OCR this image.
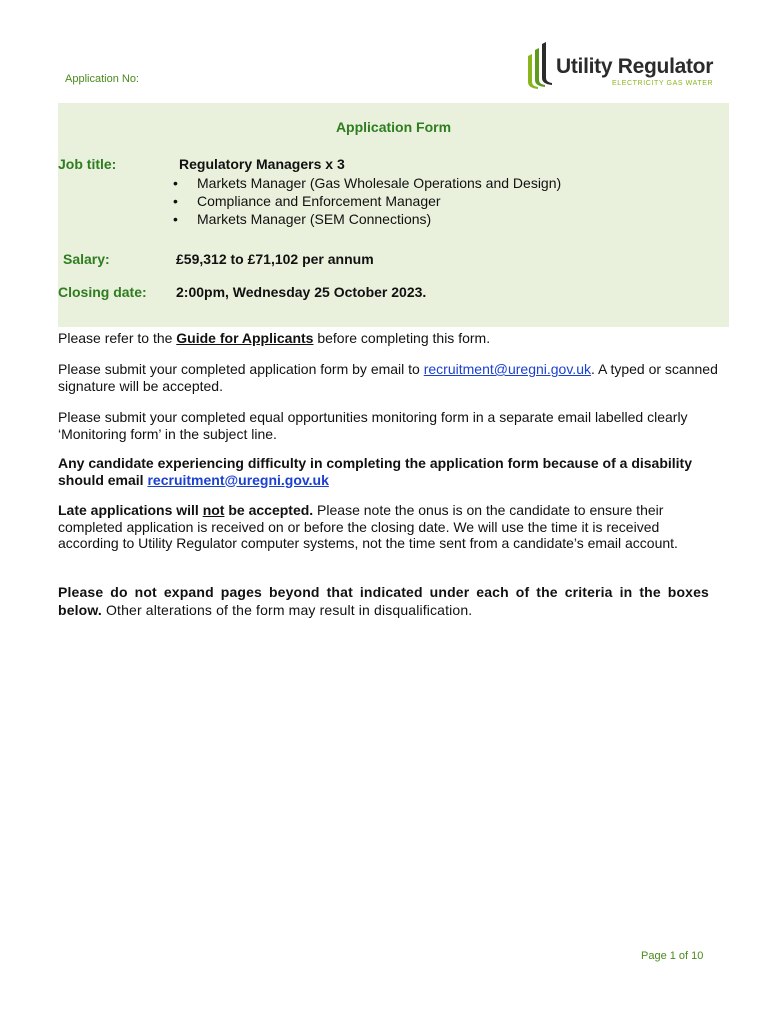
Application No:
Utility Regulator
ELECTRICITY GAS WATER
Application Form
Job title:	Regulatory Managers x 3
• Markets Manager (Gas Wholesale Operations and Design)
• Compliance and Enforcement Manager
• Markets Manager (SEM Connections)
Salary:	£59,312 to £71,102 per annum
Closing date: 2:00pm, Wednesday 25 October 2023.

Please refer to the Guide for Applicants before completing this form.

Please submit your completed application form by email to recruitment@uregni.gov.uk. A typed or scanned signature will be accepted.

Please submit your completed equal opportunities monitoring form in a separate email labelled clearly ‘Monitoring form’ in the subject line.

Any candidate experiencing difficulty in completing the application form because of a disability should email recruitment@uregni.gov.uk

Late applications will not be accepted. Please note the onus is on the candidate to ensure their completed application is received on or before the closing date. We will use the time it is received according to Utility Regulator computer systems, not the time sent from a candidate’s email account.

Please do not expand pages beyond that indicated under each of the criteria in the boxes below. Other alterations of the form may result in disqualification.

Page 1 of 10
